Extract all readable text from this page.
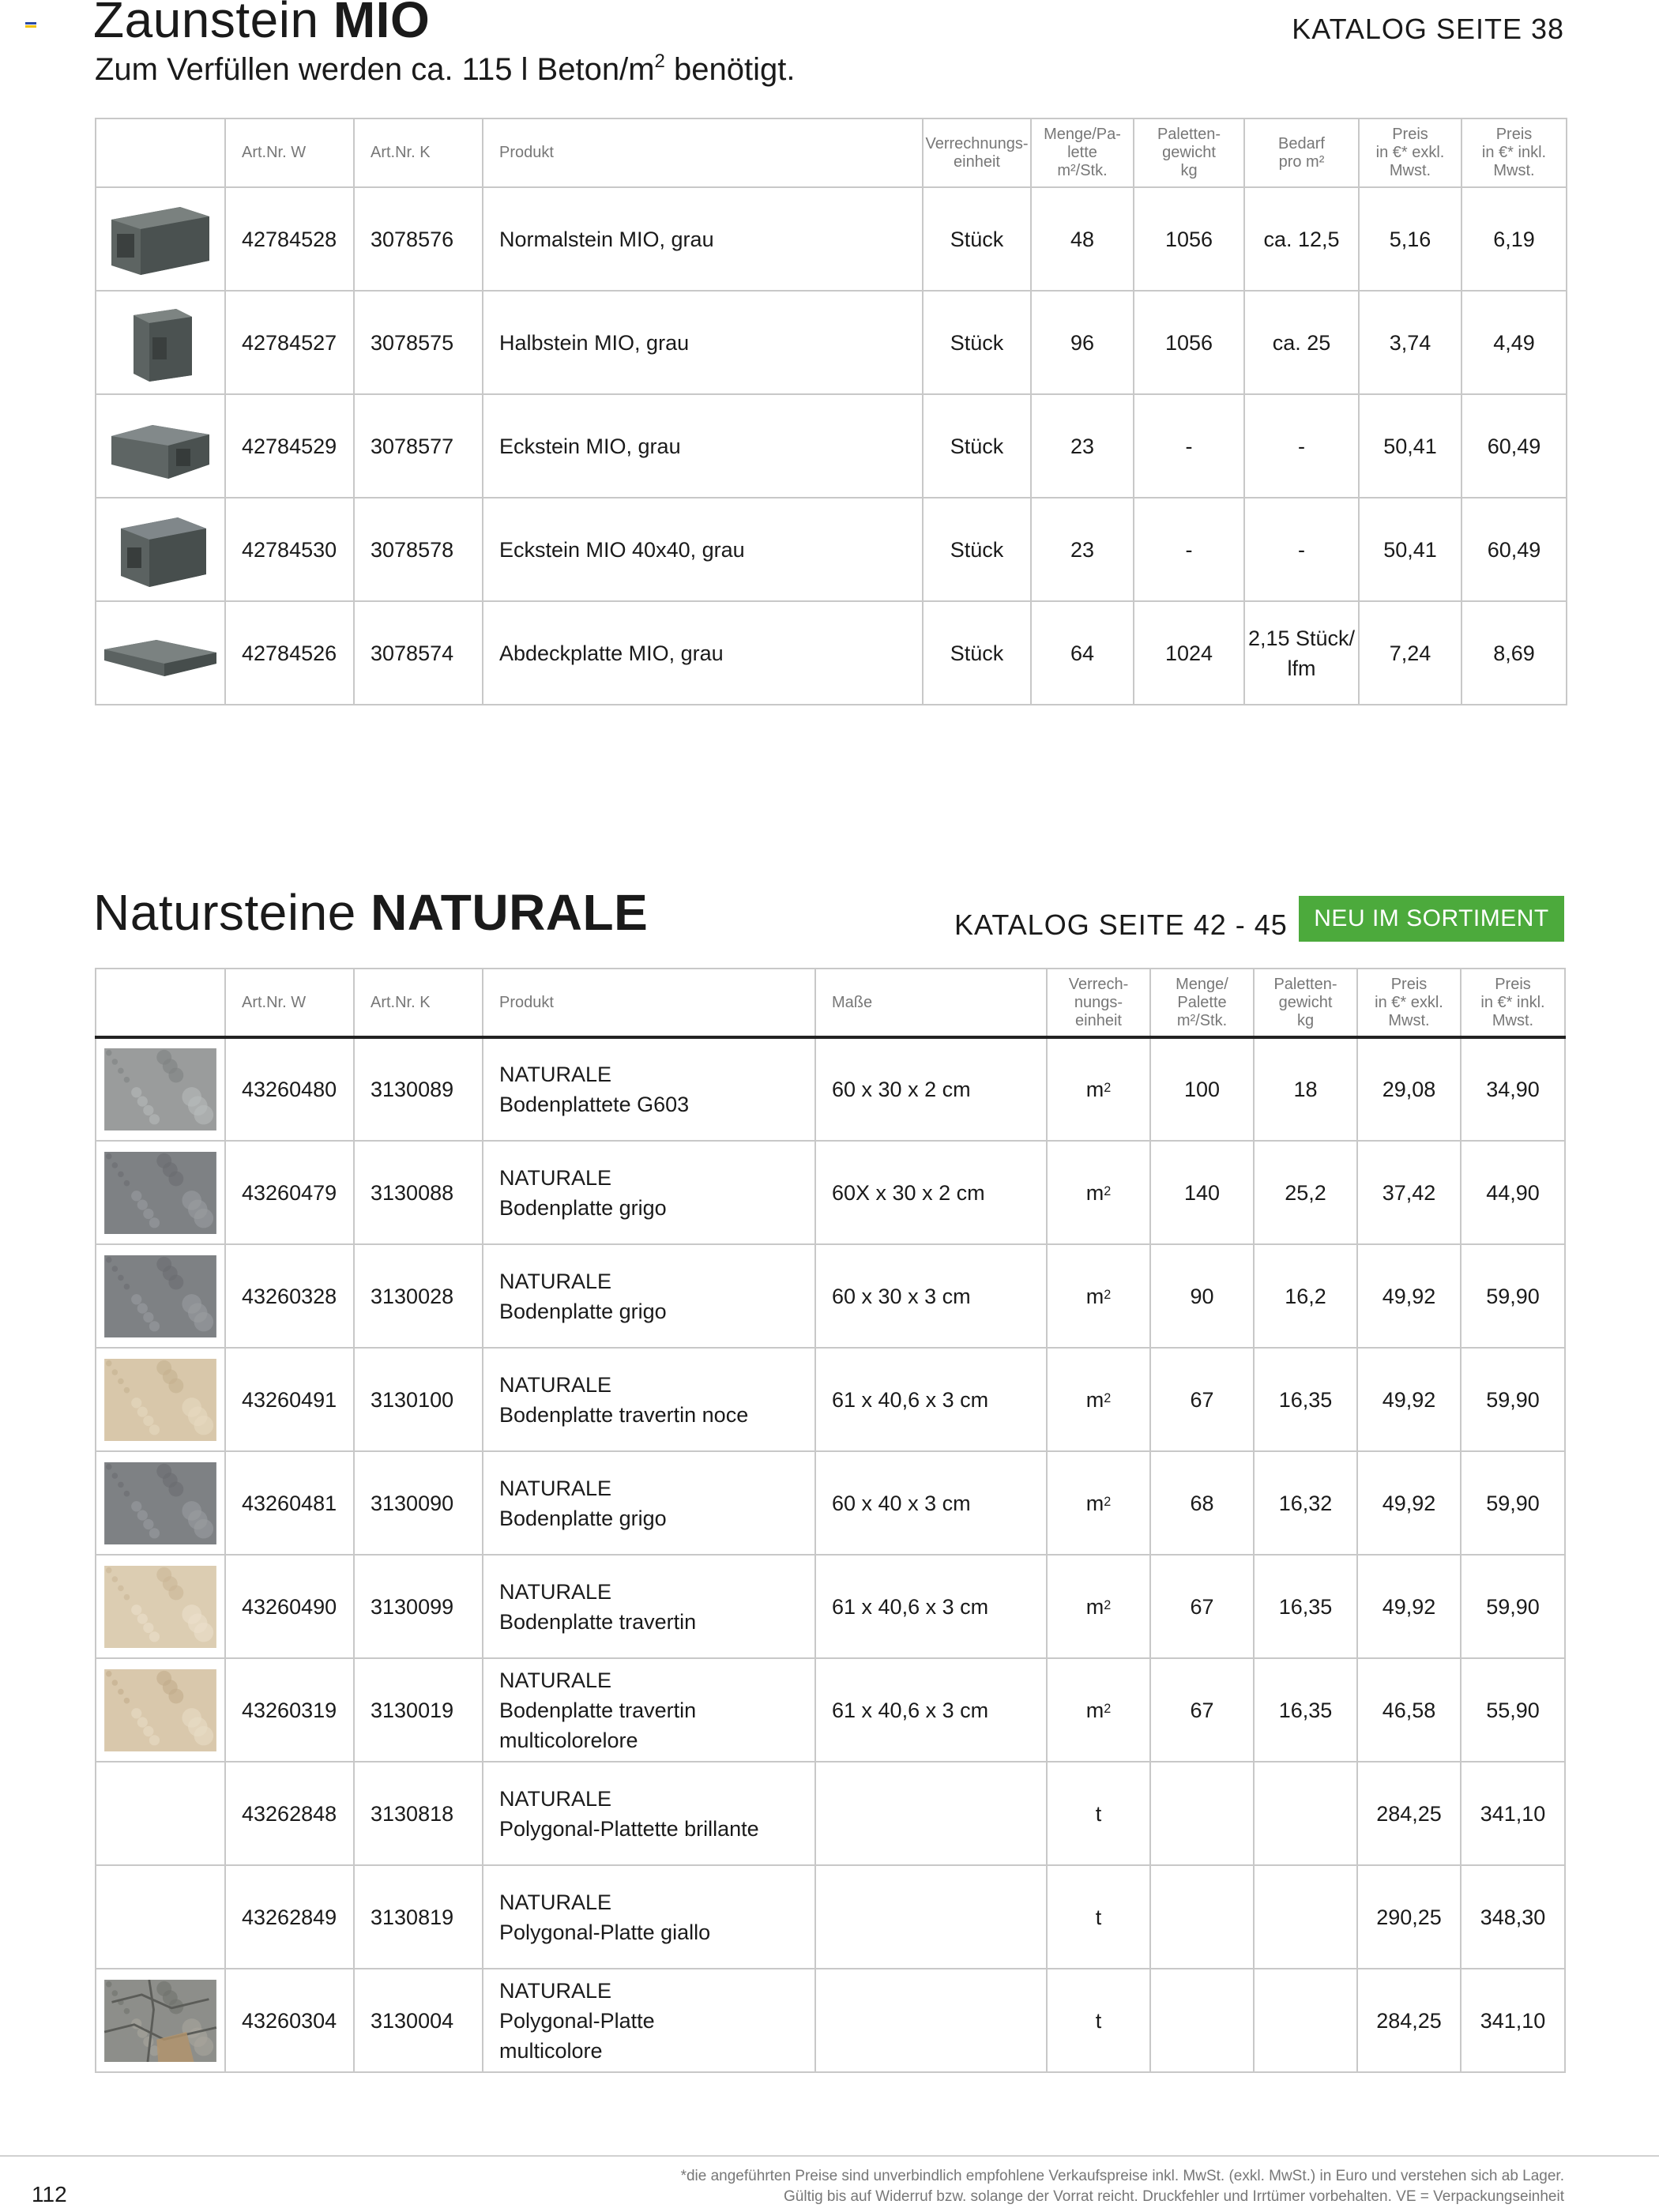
Zaunstein MIO
Zum Verfüllen werden ca. 115 l Beton/$m^2$ benötigt.
KATALOG SEITE 38
	Art.Nr. W	Art.Nr. K	Produkt	Verrechnungs-
einheit	Menge/Pa-
lette
m²/Stk.	Paletten-
gewicht
kg	Bedarf
pro m²	Preis
in €* exkl.
Mwst.	Preis
in €* inkl.
Mwst.

	42784528	3078576	Normalstein MIO, grau	Stück	48	1056	ca. 12,5	5,16	6,19

	42784527	3078575	Halbstein MIO, grau	Stück	96	1056	ca. 25	3,74	4,49

	42784529	3078577	Eckstein MIO, grau	Stück	23	-	-	50,41	60,49

	42784530	3078578	Eckstein MIO 40x40, grau	Stück	23	-	-	50,41	60,49

	42784526	3078574	Abdeckplatte MIO, grau	Stück	64	1024	2,15 Stück/
lfm	7,24	8,69
Natursteine NATURALE	KATALOG SEITE 42 - 45	NEU IM SORTIMENT
	Art.Nr. W	Art.Nr. K	Produkt	Maße	Verrech-
nungs-
einheit	Menge/
Palette
m²/Stk.	Paletten-
gewicht
kg	Preis
in €* exkl.
Mwst.	Preis
in €* inkl.
Mwst.

	43260480	3130089	NATURALE
Bodenplattete G603	60 x 30 x 2 cm	$m^2$	100	18	29,08	34,90

	43260479	3130088	NATURALE
Bodenplatte grigo	60X x 30 x 2 cm	$m^2$	140	25,2	37,42	44,90

	43260328	3130028	NATURALE
Bodenplatte grigo	60 x 30 x 3 cm	$m^2$	90	16,2	49,92	59,90

	43260491	3130100	NATURALE
Bodenplatte travertin noce	61 x 40,6 x 3 cm	$m^2$	67	16,35	49,92	59,90

	43260481	3130090	NATURALE
Bodenplatte grigo	60 x 40 x 3 cm	$m^2$	68	16,32	49,92	59,90

	43260490	3130099	NATURALE
Bodenplatte travertin	61 x 40,6 x 3 cm	$m^2$	67	16,35	49,92	59,90

	43260319	3130019	NATURALE
Bodenplatte travertin
multicolorelore	61 x 40,6 x 3 cm	$m^2$	67	16,35	46,58	55,90
	43262848	3130818	NATURALE
Polygonal-Plattette brillante		t			284,25	341,10
	43262849	3130819	NATURALE
Polygonal-Platte giallo		t			290,25	348,30

	43260304	3130004	NATURALE
Polygonal-Platte
multicolore		t			284,25	341,10
112
*die angeführten Preise sind unverbindlich empfohlene Verkaufspreise inkl. MwSt. (exkl. MwSt.) in Euro und verstehen sich ab Lager.
Gültig bis auf Widerruf bzw. solange der Vorrat reicht. Druckfehler und Irrtümer vorbehalten. VE = Verpackungseinheit
